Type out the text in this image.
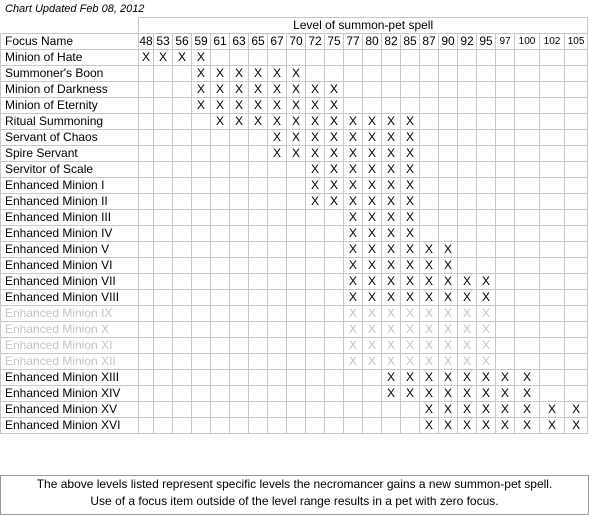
Chart Updated Feb 08, 2012
	Level of summon-pet spell																						
Focus Name	48	53	56	59	61	63	65	67	70	72	75	77	80	82	85	87	90	92	95	97	100	102	105
Minion of Hate	X	X	X	X																			
Summoner's Boon				X	X	X	X	X	X														
Minion of Darkness				X	X	X	X	X	X	X	X												
Minion of Eternity				X	X	X	X	X	X	X	X												
Ritual Summoning					X	X	X	X	X	X	X	X	X	X	X								
Servant of Chaos								X	X	X	X	X	X	X	X								
Spire Servant								X	X	X	X	X	X	X	X								
Servitor of Scale										X	X	X	X	X	X								
Enhanced Minion I										X	X	X	X	X	X								
Enhanced Minion II										X	X	X	X	X	X								
Enhanced Minion III												X	X	X	X								
Enhanced Minion IV												X	X	X	X								
Enhanced Minion V												X	X	X	X	X	X						
Enhanced Minion VI												X	X	X	X	X	X						
Enhanced Minion VII												X	X	X	X	X	X	X	X				
Enhanced Minion VIII												X	X	X	X	X	X	X	X				
Enhanced Minion IX												X	X	X	X	X	X	X	X				
Enhanced Minion X												X	X	X	X	X	X	X	X				
Enhanced Minion XI												X	X	X	X	X	X	X	X				
Enhanced Minion XII												X	X	X	X	X	X	X	X				
Enhanced Minion XIII														X	X	X	X	X	X	X	X		
Enhanced Minion XIV														X	X	X	X	X	X	X	X		
Enhanced Minion XV																X	X	X	X	X	X	X	X
Enhanced Minion XVI																X	X	X	X	X	X	X	X
The above levels listed represent specific levels the necromancer gains a new summon-pet spell.
Use of a focus item outside of the level range results in a pet with zero focus.
